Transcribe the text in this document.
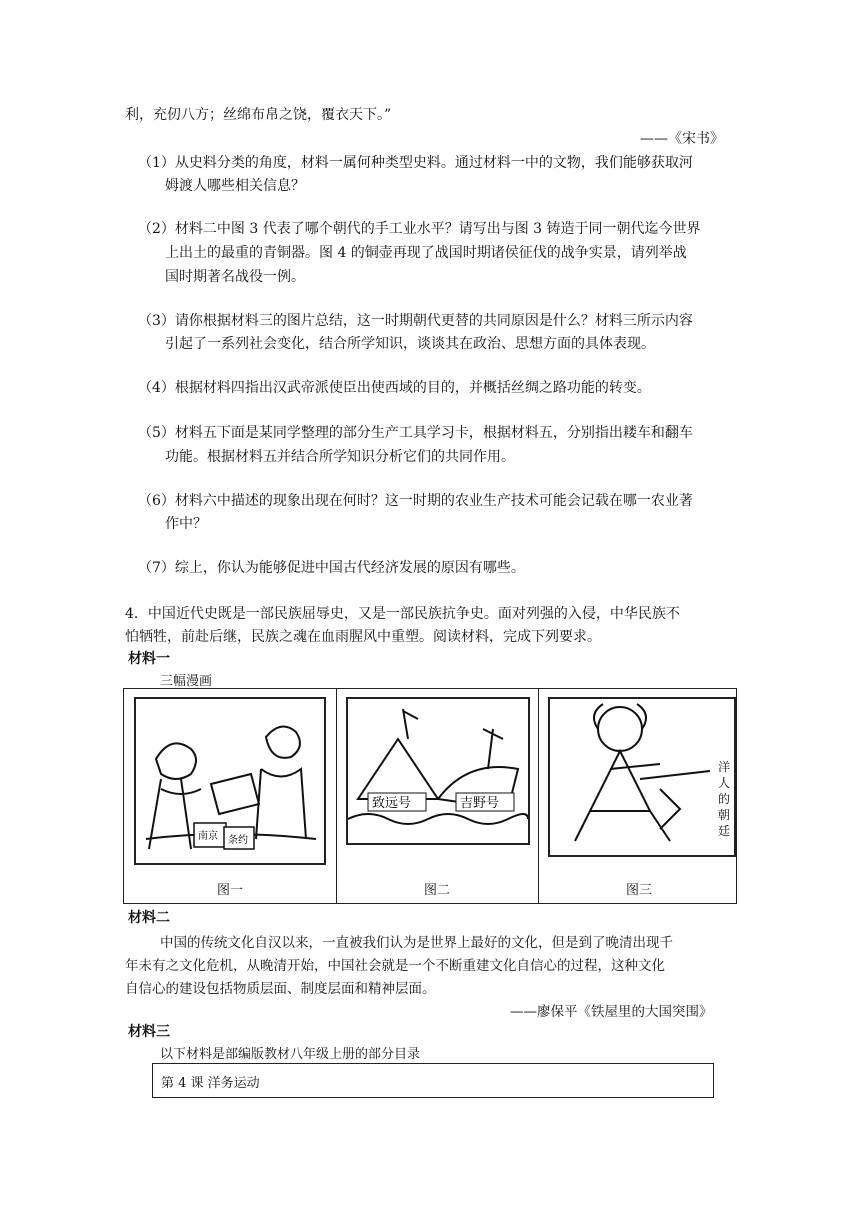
利，充仞八方；丝绵布帛之饶，覆衣天下。”
——《宋书》
（1）从史料分类的角度，材料一属何种类型史料。通过材料一中的文物，我们能够获取河
姆渡人哪些相关信息？
（2）材料二中图 3 代表了哪个朝代的手工业水平？请写出与图 3 铸造于同一朝代迄今世界
上出土的最重的青铜器。图 4 的铜壶再现了战国时期诸侯征伐的战争实景，请列举战
国时期著名战役一例。
（3）请你根据材料三的图片总结，这一时期朝代更替的共同原因是什么？材料三所示内容
引起了一系列社会变化，结合所学知识，谈谈其在政治、思想方面的具体表现。
（4）根据材料四指出汉武帝派使臣出使西域的目的，并概括丝绸之路功能的转变。
（5）材料五下面是某同学整理的部分生产工具学习卡，根据材料五，分别指出耧车和翻车
功能。根据材料五并结合所学知识分析它们的共同作用。
（6）材料六中描述的现象出现在何时？这一时期的农业生产技术可能会记载在哪一农业著
作中？
（7）综上，你认为能够促进中国古代经济发展的原因有哪些。
4．中国近代史既是一部民族屈辱史，又是一部民族抗争史。面对列强的入侵，中华民族不
怕牺牲，前赴后继，民族之魂在血雨腥风中重塑。阅读材料，完成下列要求。
材料一
三幅漫画
南京 条约
致远号	吉野号
洋
人
的
朝
廷
图一	图二	图三
材料二
中国的传统文化自汉以来，一直被我们认为是世界上最好的文化，但是到了晚清出现千
年未有之文化危机，从晚清开始，中国社会就是一个不断重建文化自信心的过程，这种文化
自信心的建设包括物质层面、制度层面和精神层面。
——廖保平《铁屋里的大国突围》
材料三
以下材料是部编版教材八年级上册的部分目录
第 4 课 洋务运动
